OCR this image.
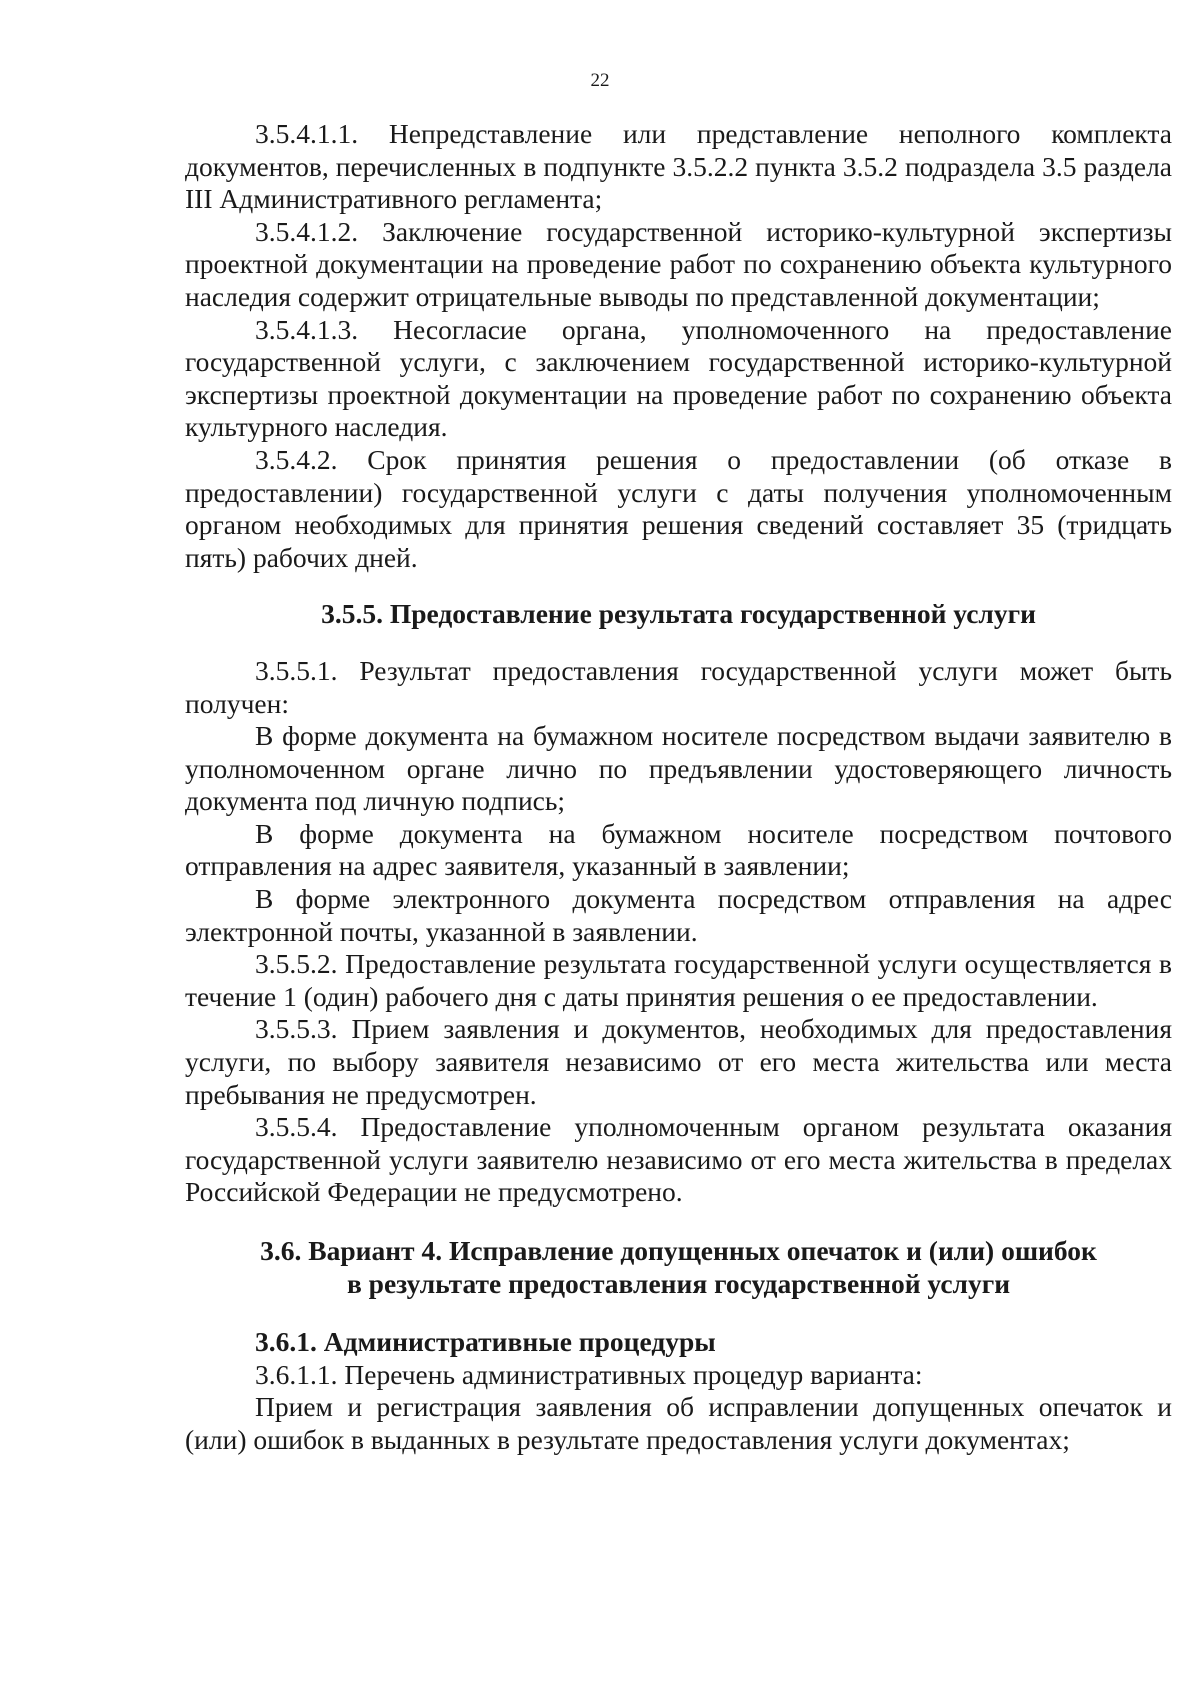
22

3.5.4.1.1. Непредставление или представление неполного комплекта документов, перечисленных в подпункте 3.5.2.2 пункта 3.5.2 подраздела 3.5 раздела III Административного регламента;

3.5.4.1.2. Заключение государственной историко-культурной экспертизы проектной документации на проведение работ по сохранению объекта культурного наследия содержит отрицательные выводы по представленной документации;

3.5.4.1.3. Несогласие органа, уполномоченного на предоставление государственной услуги, с заключением государственной историко-культурной экспертизы проектной документации на проведение работ по сохранению объекта культурного наследия.

3.5.4.2. Срок принятия решения о предоставлении (об отказе в предоставлении) государственной услуги с даты получения уполномоченным органом необходимых для принятия решения сведений составляет 35 (тридцать пять) рабочих дней.

3.5.5. Предоставление результата государственной услуги

3.5.5.1. Результат предоставления государственной услуги может быть получен:

В форме документа на бумажном носителе посредством выдачи заявителю в уполномоченном органе лично по предъявлении удостоверяющего личность документа под личную подпись;

В форме документа на бумажном носителе посредством почтового отправления на адрес заявителя, указанный в заявлении;

В форме электронного документа посредством отправления на адрес электронной почты, указанной в заявлении.

3.5.5.2. Предоставление результата государственной услуги осуществляется в течение 1 (один) рабочего дня с даты принятия решения о ее предоставлении.

3.5.5.3. Прием заявления и документов, необходимых для предоставления услуги, по выбору заявителя независимо от его места жительства или места пребывания не предусмотрен.

3.5.5.4. Предоставление уполномоченным органом результата оказания государственной услуги заявителю независимо от его места жительства в пределах Российской Федерации не предусмотрено.

3.6. Вариант 4. Исправление допущенных опечаток и (или) ошибок

в результате предоставления государственной услуги

3.6.1. Административные процедуры

3.6.1.1. Перечень административных процедур варианта:

Прием и регистрация заявления об исправлении допущенных опечаток и (или) ошибок в выданных в результате предоставления услуги документах;
